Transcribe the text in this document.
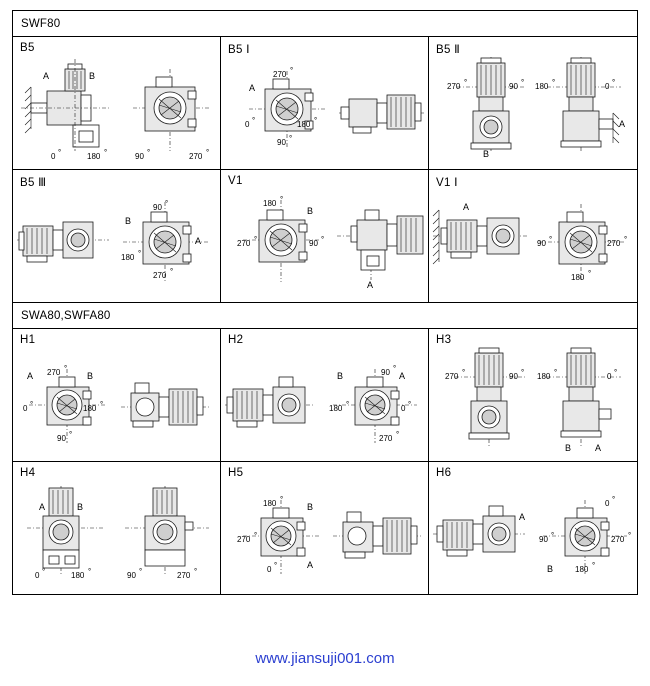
SWF80
B5
A	B
0 °	180 °	90 °	270 °
B5 Ⅰ
270 °
A
0 °	180 °
90 °
B5 Ⅱ
270 °	90 °
B
180 °	0 °
A
B5 Ⅲ
90 °
B
180 °
A
270 °
V1
180 °
270 °	90 °
B
A
V1 Ⅰ
A
90 °	270 °
180 °
SWA80,SWFA80
H1
A 270 °
B
0 °	180 °
90 °
H2
B	90 °
A
180 °	0 °
270 °
H3
270 °	90 ° 180 °	0 °
B	A
H4
A	B
0 °	180 °	90 °	270 °
H5
180 °
B
270 °
0 °	A
H6
A
0 °
90 °	270 °
180 °
B
www.jiansuji001.com
